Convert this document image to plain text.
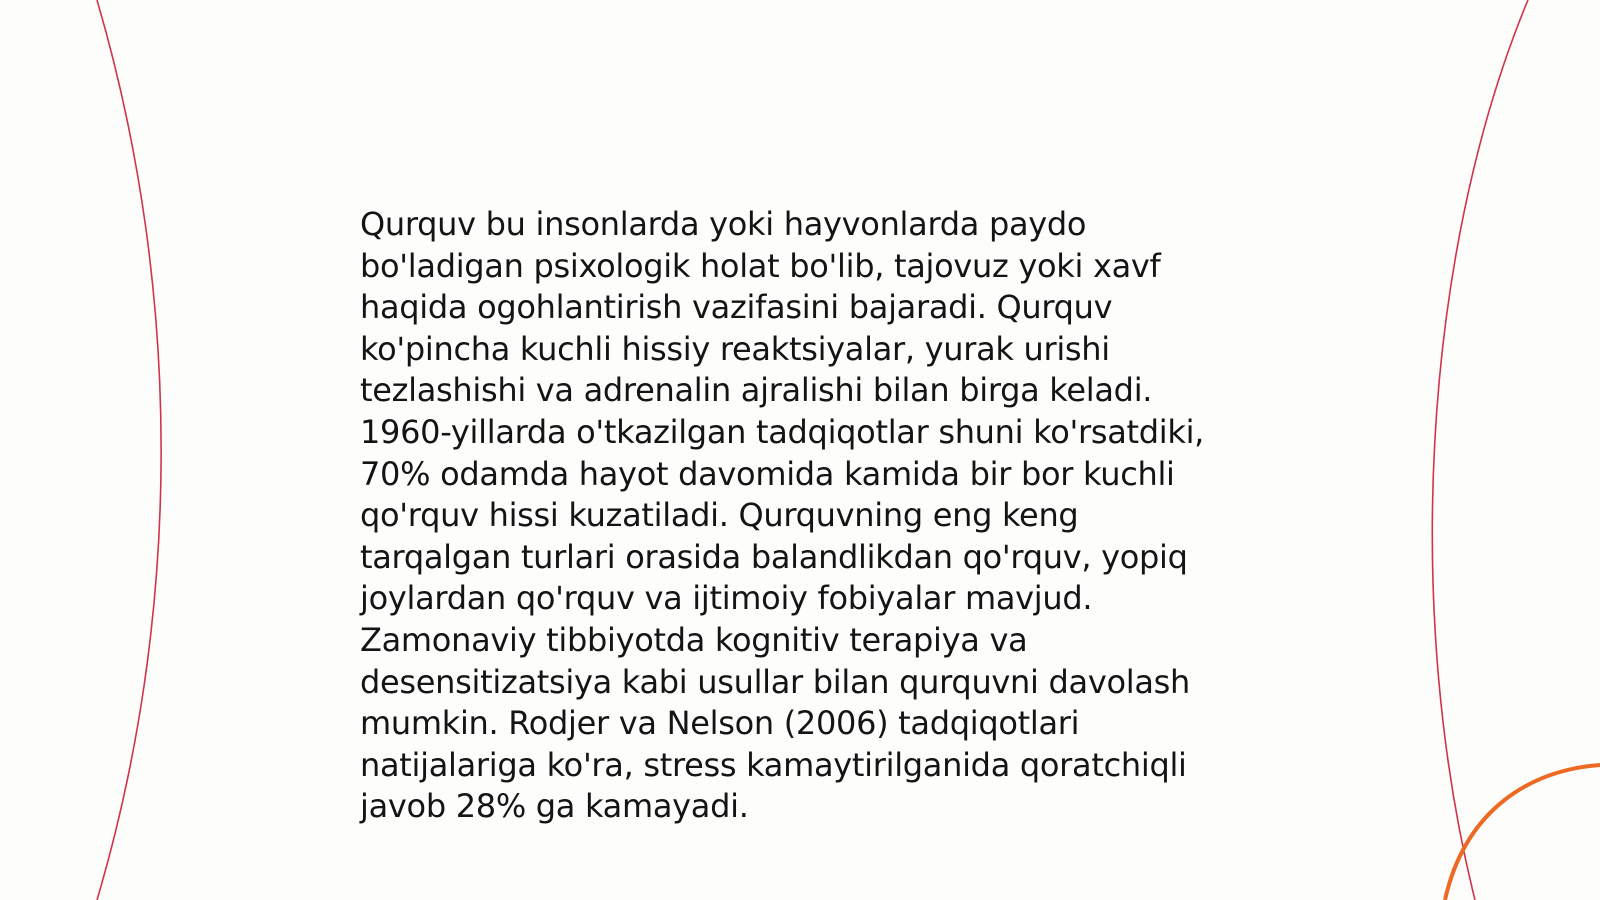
Qurquv bu insonlarda yoki hayvonlarda paydo
bo'ladigan psixologik holat bo'lib, tajovuz yoki xavf
haqida ogohlantirish vazifasini bajaradi. Qurquv
ko'pincha kuchli hissiy reaktsiyalar, yurak urishi
tezlashishi va adrenalin ajralishi bilan birga keladi.
1960-yillarda o'tkazilgan tadqiqotlar shuni ko'rsatdiki,
70% odamda hayot davomida kamida bir bor kuchli
qo'rquv hissi kuzatiladi. Qurquvning eng keng
tarqalgan turlari orasida balandlikdan qo'rquv, yopiq
joylardan qo'rquv va ijtimoiy fobiyalar mavjud.
Zamonaviy tibbiyotda kognitiv terapiya va
desensitizatsiya kabi usullar bilan qurquvni davolash
mumkin. Rodjer va Nelson (2006) tadqiqotlari
natijalariga ko'ra, stress kamaytirilganida qoratchiqli
javob 28% ga kamayadi.
